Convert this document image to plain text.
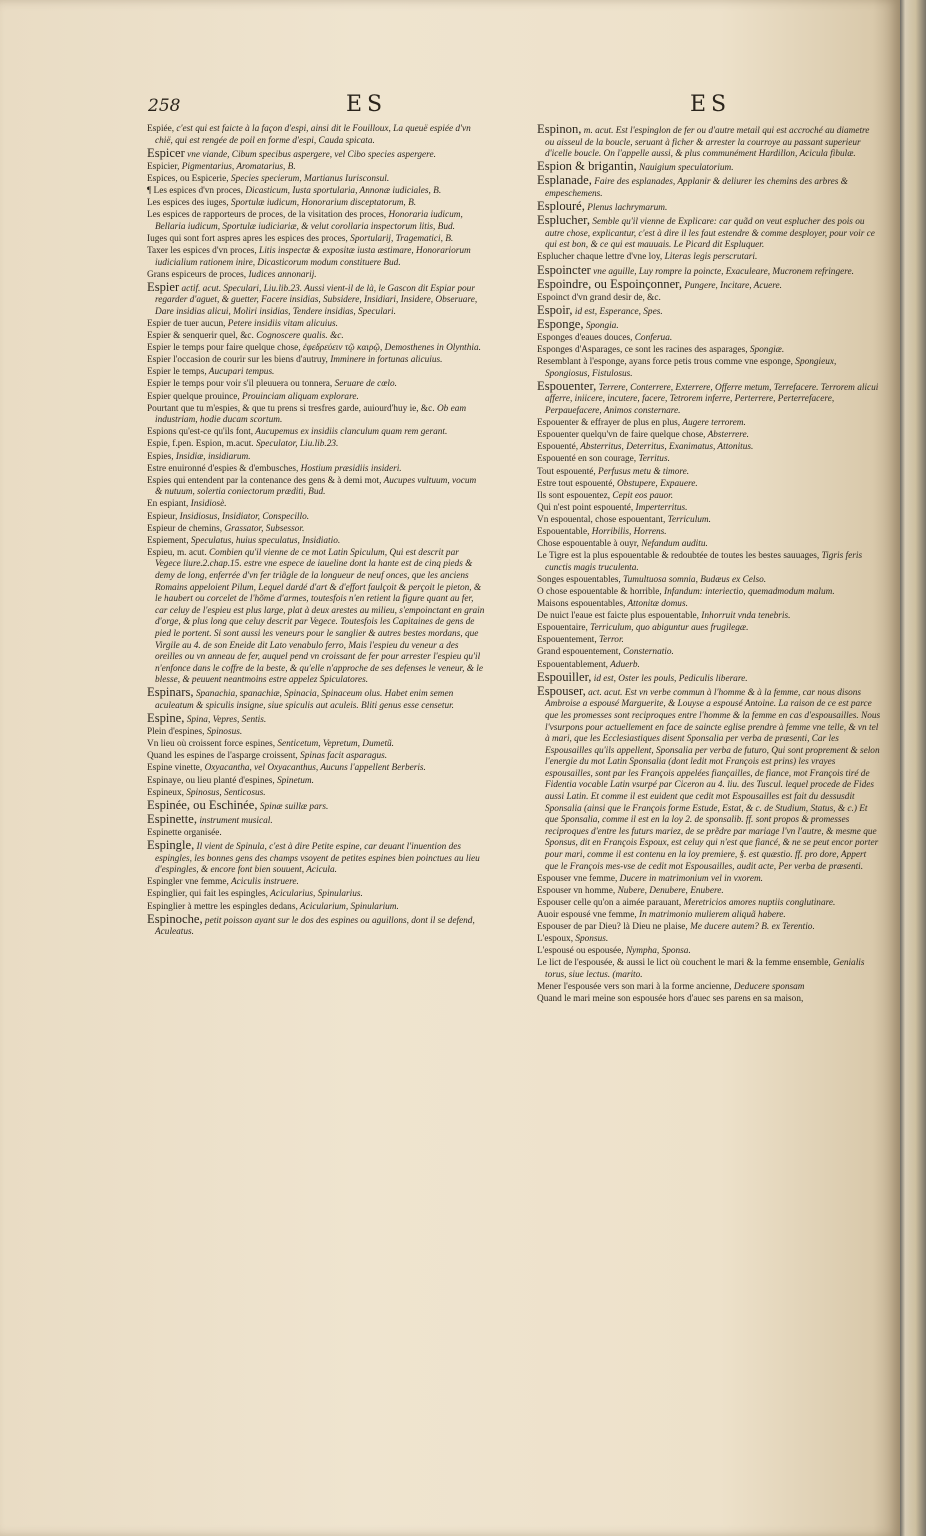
258	ES	ES
Espiée, c'est qui est faicte à la façon d'espi, ainsi dit le Fouilloux, La queuë espiée d'vn chië, qui est rengée de poil en forme d'espi, Cauda spicata.
Espicer vne viande, Cibum specibus aspergere, vel Cibo species aspergere.
Espicier, Pigmentarius, Aromatarius, B.
Espices, ou Espicerie, Species specierum, Martianus Iurisconsul.
¶ Les espices d'vn proces, Dicasticum, Iusta sportularia, Annonæ iudiciales, B.
Les espices des iuges, Sportulæ iudicum, Honorarium disceptatorum, B.
Les espices de rapporteurs de proces, de la visitation des proces, Honoraria iudicum, Bellaria iudicum, Sportulæ iudiciariæ, & velut corollaria inspectorum litis, Bud.
Iuges qui sont fort aspres apres les espices des proces, Sportularij, Tragematici, B.
Taxer les espices d'vn proces, Litis inspectæ & expositæ iusta æstimare, Honorariorum iudicialium rationem inire, Dicasticorum modum constituere Bud.
Grans espiceurs de proces, Iudices annonarij.
Espier actif. acut. Speculari, Liu.lib.23. Aussi vient-il de là, le Gascon dit Espiar pour regarder d'aguet, & guetter, Facere insidias, Subsidere, Insidiari, Insidere, Obseruare, Dare insidias alicui, Moliri insidias, Tendere insidias, Speculari.
Espier de tuer aucun, Petere insidiis vitam alicuius.
Espier & senquerir quel, &c. Cognoscere qualis. &c.
Espier le temps pour faire quelque chose, ἐφεδρεύειν τῷ καιρῷ, Demosthenes in Olynthia.
Espier l'occasion de courir sur les biens d'autruy, Imminere in fortunas alicuius.
Espier le temps, Aucupari tempus.
Espier le temps pour voir s'il pleuuera ou tonnera, Seruare de cœlo.
Espier quelque prouince, Prouinciam aliquam explorare.
Pourtant que tu m'espies, & que tu prens si tresfres garde, auiourd'huy ie, &c. Ob eam industriam, hodie ducam scortum.
Espions qu'est-ce qu'ils font, Aucupemus ex insidiis clanculum quam rem gerant.
Espie, f.pen. Espion, m.acut. Speculator, Liu.lib.23.
Espies, Insidiæ, insidiarum.
Estre enuironné d'espies & d'embusches, Hostium præsidiis insideri.
Espies qui entendent par la contenance des gens & à demi mot, Aucupes vultuum, vocum & nutuum, solertia coniectorum præditi, Bud.
En espiant, Insidiosè.
Espieur, Insidiosus, Insidiator, Conspecillo.
Espieur de chemins, Grassator, Subsessor.
Espiement, Speculatus, huius speculatus, Insidiatio.
Espieu, m. acut. Combien qu'il vienne de ce mot Latin Spiculum, Qui est descrit par Vegece liure.2.chap.15. estre vne espece de iaueline dont la hante est de cinq pieds & demy de long, enferrée d'vn fer triãgle de la longueur de neuf onces, que les anciens Romains appeloient Pilum, Lequel dardé d'art & d'effort faulçoit & perçoit le pieton, & le haubert ou corcelet de l'hõme d'armes, toutesfois n'en retient la figure quant au fer, car celuy de l'espieu est plus large, plat à deux arestes au milieu, s'empoinctant en grain d'orge, & plus long que celuy descrit par Vegece. Toutesfois les Capitaines de gens de pied le portent. Si sont aussi les veneurs pour le sanglier & autres bestes mordans, que Virgile au 4. de son Eneide dit Lato venabulo ferro, Mais l'espieu du veneur a des oreilles ou vn anneau de fer, auquel pend vn croissant de fer pour arrester l'espieu qu'il n'enfonce dans le coffre de la beste, & qu'elle n'approche de ses defenses le veneur, & le blesse, & peuuent neantmoins estre appelez Spiculatores.
Espinars, Spanachia, spanachiæ, Spinacia, Spinaceum olus. Habet enim semen aculeatum & spiculis insigne, siue spiculis aut aculeis. Bliti genus esse censetur.
Espine, Spina, Vepres, Sentis.
Plein d'espines, Spinosus.
Vn lieu où croissent force espines, Senticetum, Vepretum, Dumetũ.
Quand les espines de l'asparge croissent, Spinas facit asparagus.
Espine vinette, Oxyacantha, vel Oxyacanthus, Aucuns l'appellent Berberis.
Espinaye, ou lieu planté d'espines, Spinetum.
Espineux, Spinosus, Senticosus.
Espinée, ou Eschinée, Spinæ suillæ pars.
Espinette, instrument musical.
Espinette organisée.
Espingle, Il vient de Spinula, c'est à dire Petite espine, car deuant l'inuention des espingles, les bonnes gens des champs vsoyent de petites espines bien poinctues au lieu d'espingles, & encore font bien souuent, Acicula.
Espingler vne femme, Aciculis instruere.
Espinglier, qui fait les espingles, Acicularius, Spinularius.
Espinglier à mettre les espingles dedans, Acicularium, Spinularium.
Espinoche, petit poisson ayant sur le dos des espines ou aguillons, dont il se defend, Aculeatus.
Espinon, m. acut. Est l'espinglon de fer ou d'autre metail qui est accroché au diametre ou aisseul de la boucle, seruant à ficher & arrester la courroye au passant superieur d'icelle boucle. On l'appelle aussi, & plus communément Hardillon, Acicula fibulæ.
Espion & brigantin, Nauigium speculatorium.
Esplanade, Faire des esplanades, Applanir & deliurer les chemins des arbres & empeschemens.
Esplouré, Plenus lachrymarum.
Esplucher, Semble qu'il vienne de Explicare: car quãd on veut esplucher des pois ou autre chose, explicantur, c'est à dire il les faut estendre & comme desployer, pour voir ce qui est bon, & ce qui est mauuais. Le Picard dit Espluquer.
Esplucher chaque lettre d'vne loy, Literas legis perscrutari.
Espoincter vne aguille, Luy rompre la poincte, Exaculeare, Mucronem refringere.
Espoindre, ou Espoinçonner, Pungere, Incitare, Acuere.
Espoinct d'vn grand desir de, &c.
Espoir, id est, Esperance, Spes.
Esponge, Spongia.
Esponges d'eaues douces, Conferua.
Esponges d'Asparages, ce sont les racines des asparages, Spongiæ.
Resemblant à l'esponge, ayans force petis trous comme vne esponge, Spongieux, Spongiosus, Fistulosus.
Espouenter, Terrere, Conterrere, Exterrere, Offerre metum, Terrefacere. Terrorem alicui afferre, iniicere, incutere, facere, Tetrorem inferre, Perterrere, Perterrefacere, Perpauefacere, Animos consternare.
Espouenter & effrayer de plus en plus, Augere terrorem.
Espouenter quelqu'vn de faire quelque chose, Absterrere.
Espouenté, Absterritus, Deterritus, Exanimatus, Attonitus.
Espouenté en son courage, Territus.
Tout espouenté, Perfusus metu & timore.
Estre tout espouenté, Obstupere, Expauere.
Ils sont espouentez, Cepit eos pauor.
Qui n'est point espouenté, Imperterritus.
Vn espouental, chose espouentant, Terriculum.
Espouentable, Horribilis, Horrens.
Chose espouentable à ouyr, Nefandum auditu.
Le Tigre est la plus espouentable & redoubtée de toutes les bestes sauuages, Tigris feris cunctis magis truculenta.
Songes espouentables, Tumultuosa somnia, Budæus ex Celso.
O chose espouentable & horrible, Infandum: interiectio, quemadmodum malum.
Maisons espouentables, Attonitæ domus.
De nuict l'eaue est faicte plus espouentable, Inhorruit vnda tenebris.
Espouentaire, Terriculum, quo abiguntur aues frugilegæ.
Espouentement, Terror.
Grand espouentement, Consternatio.
Espouentablement, Aduerb.
Espouiller, id est, Oster les pouls, Pediculis liberare.
Espouser, act. acut. Est vn verbe commun à l'homme & à la femme, car nous disons Ambroise a espousé Marguerite, & Louyse a espousé Antoine. La raison de ce est parce que les promesses sont reciproques entre l'homme & la femme en cas d'espousailles. Nous l'vsurpons pour actuellement en face de saincte eglise prendre à femme vne telle, & vn tel à mari, que les Ecclesiastiques disent Sponsalia per verba de præsenti, Car les Espousailles qu'ils appellent, Sponsalia per verba de futuro, Qui sont proprement & selon l'energie du mot Latin Sponsalia (dont ledit mot François est prins) les vrayes espousailles, sont par les François appelées fiançailles, de fiance, mot François tiré de Fidentia vocable Latin vsurpé par Ciceron au 4. liu. des Tuscul. lequel procede de Fides aussi Latin. Et comme il est euident que cedit mot Espousailles est fait du dessusdit Sponsalia (ainsi que le François forme Estude, Estat, & c. de Studium, Status, & c.) Et que Sponsalia, comme il est en la loy 2. de sponsalib. ff. sont propos & promesses reciproques d'entre les futurs mariez, de se prẽdre par mariage l'vn l'autre, & mesme que Sponsus, dit en François Espoux, est celuy qui n'est que fiancé, & ne se peut encor porter pour mari, comme il est contenu en la loy premiere, §. est quæstio. ff. pro dore, Appert que le François mes-vse de cedit mot Espousailles, audit acte, Per verba de præsenti.
Espouser vne femme, Ducere in matrimonium vel in vxorem.
Espouser vn homme, Nubere, Denubere, Enubere.
Espouser celle qu'on a aimée parauant, Meretricios amores nuptiis conglutinare.
Auoir espousé vne femme, In matrimonio mulierem aliquã habere.
Espouser de par Dieu? là Dieu ne plaise, Me ducere autem? B. ex Terentio.
L'espoux, Sponsus.
L'espousé ou espousée, Nympha, Sponsa.
Le lict de l'espousée, & aussi le lict où couchent le mari & la femme ensemble, Genialis torus, siue lectus. (marito.
Mener l'espousée vers son mari à la forme ancienne, Deducere sponsam
Quand le mari meine son espousée hors d'auec ses parens en sa maison,
